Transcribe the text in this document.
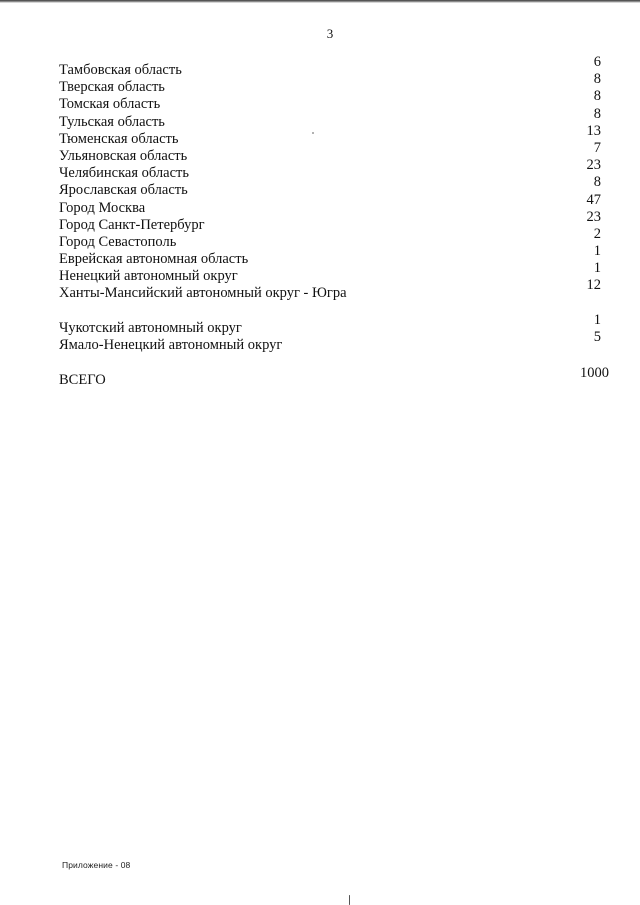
3
Тамбовская область	6
Тверская область	8
Томская область	8
Тульская область	8
Тюменская область	13
Ульяновская область	7
Челябинская область	23
Ярославская область	8
Город Москва	47
Город Санкт-Петербург	23
Город Севастополь	2
Еврейская автономная область	1
Ненецкий автономный округ	1
Ханты-Мансийский автономный округ - Югра	12
Чукотский автономный округ	1
Ямало-Ненецкий автономный округ	5
ВСЕГО	1000
Приложение - 08
